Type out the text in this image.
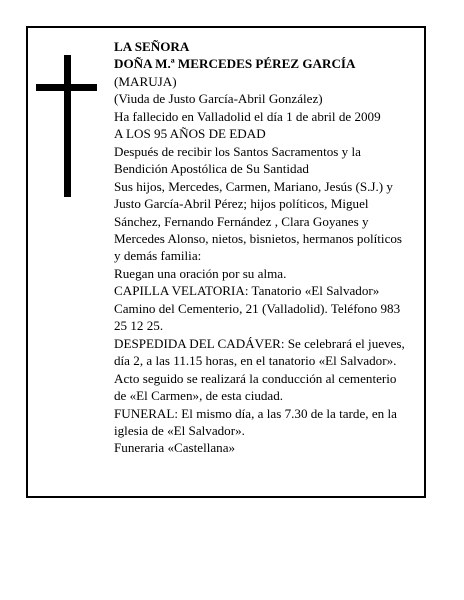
LA SEÑORA
DOÑA M.ª MERCEDES PÉREZ GARCÍA
(MARUJA)
(Viuda de Justo García-Abril González)
Ha fallecido en Valladolid el día 1 de abril de 2009
A LOS 95 AÑOS DE EDAD
Después de recibir los Santos Sacramentos y la
Bendición Apostólica de Su Santidad
Sus hijos, Mercedes, Carmen, Mariano, Jesús (S.J.) y
Justo García-Abril Pérez; hijos políticos, Miguel
Sánchez, Fernando Fernández , Clara Goyanes y
Mercedes Alonso, nietos, bisnietos, hermanos políticos
y demás familia:
Ruegan una oración por su alma.
CAPILLA VELATORIA: Tanatorio «El Salvador»
Camino del Cementerio, 21 (Valladolid). Teléfono 983
25 12 25.
DESPEDIDA DEL CADÁVER: Se celebrará el jueves,
día 2, a las 11.15 horas, en el tanatorio «El Salvador».
Acto seguido se realizará la conducción al cementerio
de «El Carmen», de esta ciudad.
FUNERAL: El mismo día, a las 7.30 de la tarde, en la
iglesia de «El Salvador».
Funeraria «Castellana»
